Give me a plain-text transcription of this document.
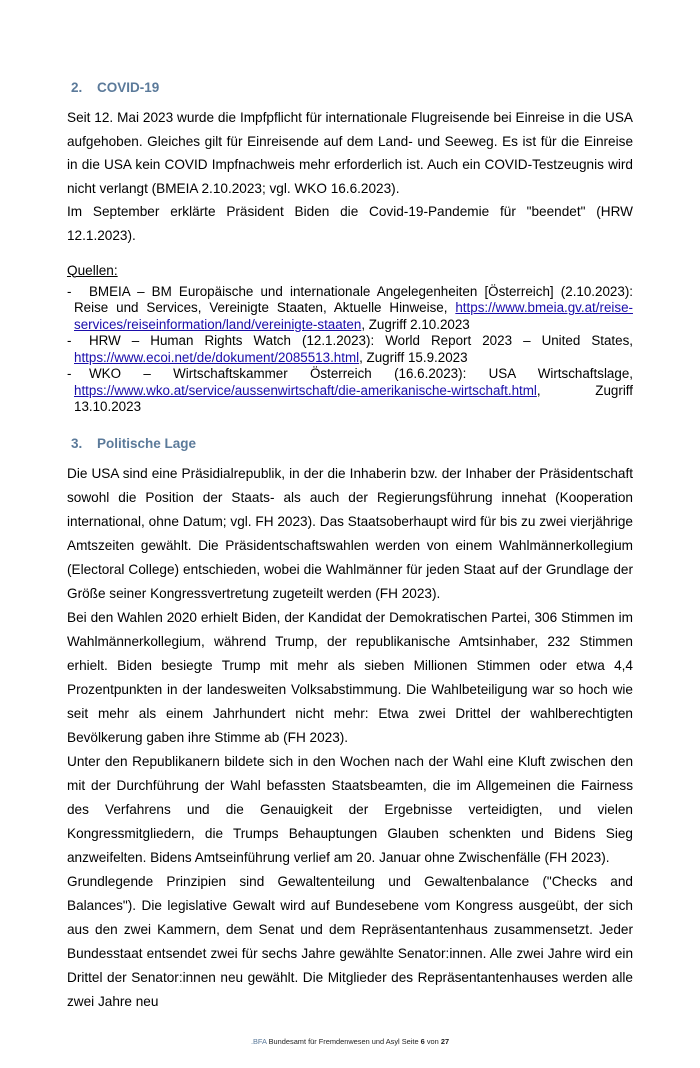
2. COVID-19

Seit 12. Mai 2023 wurde die Impfpflicht für internationale Flugreisende bei Einreise in die USA aufgehoben. Gleiches gilt für Einreisende auf dem Land- und Seeweg. Es ist für die Einreise in die USA kein COVID Impfnachweis mehr erforderlich ist. Auch ein COVID-Testzeugnis wird nicht verlangt (BMEIA 2.10.2023; vgl. WKO 16.6.2023).

Im September erklärte Präsident Biden die Covid-19-Pandemie für "beendet" (HRW 12.1.2023).

Quellen:

- BMEIA – BM Europäische und internationale Angelegenheiten [Österreich] (2.10.2023): Reise und Services, Vereinigte Staaten, Aktuelle Hinweise, https://www.bmeia.gv.at/reise-services/reiseinformation/land/vereinigte-staaten, Zugriff 2.10.2023

- HRW – Human Rights Watch (12.1.2023): World Report 2023 – United States, https://www.ecoi.net/de/dokument/2085513.html, Zugriff 15.9.2023

- WKO – Wirtschaftskammer Österreich (16.6.2023): USA Wirtschaftslage, https://www.wko.at/service/aussenwirtschaft/die-amerikanische-wirtschaft.html, Zugriff 13.10.2023

3. Politische Lage

Die USA sind eine Präsidialrepublik, in der die Inhaberin bzw. der Inhaber der Präsidentschaft sowohl die Position der Staats- als auch der Regierungsführung innehat (Kooperation international, ohne Datum; vgl. FH 2023). Das Staatsoberhaupt wird für bis zu zwei vierjährige Amtszeiten gewählt. Die Präsidentschaftswahlen werden von einem Wahlmännerkollegium (Electoral College) entschieden, wobei die Wahlmänner für jeden Staat auf der Grundlage der Größe seiner Kongressvertretung zugeteilt werden (FH 2023).

Bei den Wahlen 2020 erhielt Biden, der Kandidat der Demokratischen Partei, 306 Stimmen im Wahlmännerkollegium, während Trump, der republikanische Amtsinhaber, 232 Stimmen erhielt. Biden besiegte Trump mit mehr als sieben Millionen Stimmen oder etwa 4,4 Prozentpunkten in der landesweiten Volksabstimmung. Die Wahlbeteiligung war so hoch wie seit mehr als einem Jahrhundert nicht mehr: Etwa zwei Drittel der wahlberechtigten Bevölkerung gaben ihre Stimme ab (FH 2023).

Unter den Republikanern bildete sich in den Wochen nach der Wahl eine Kluft zwischen den mit der Durchführung der Wahl befassten Staatsbeamten, die im Allgemeinen die Fairness des Verfahrens und die Genauigkeit der Ergebnisse verteidigten, und vielen Kongressmitgliedern, die Trumps Behauptungen Glauben schenkten und Bidens Sieg anzweifelten. Bidens Amtseinführung verlief am 20. Januar ohne Zwischenfälle (FH 2023).

Grundlegende Prinzipien sind Gewaltenteilung und Gewaltenbalance ("Checks and Balances"). Die legislative Gewalt wird auf Bundesebene vom Kongress ausgeübt, der sich aus den zwei Kammern, dem Senat und dem Repräsentantenhaus zusammensetzt. Jeder Bundesstaat entsendet zwei für sechs Jahre gewählte Senator:innen. Alle zwei Jahre wird ein Drittel der Senator:innen neu gewählt. Die Mitglieder des Repräsentantenhauses werden alle zwei Jahre neu

.BFA Bundesamt für Fremdenwesen und Asyl Seite 6 von 27
